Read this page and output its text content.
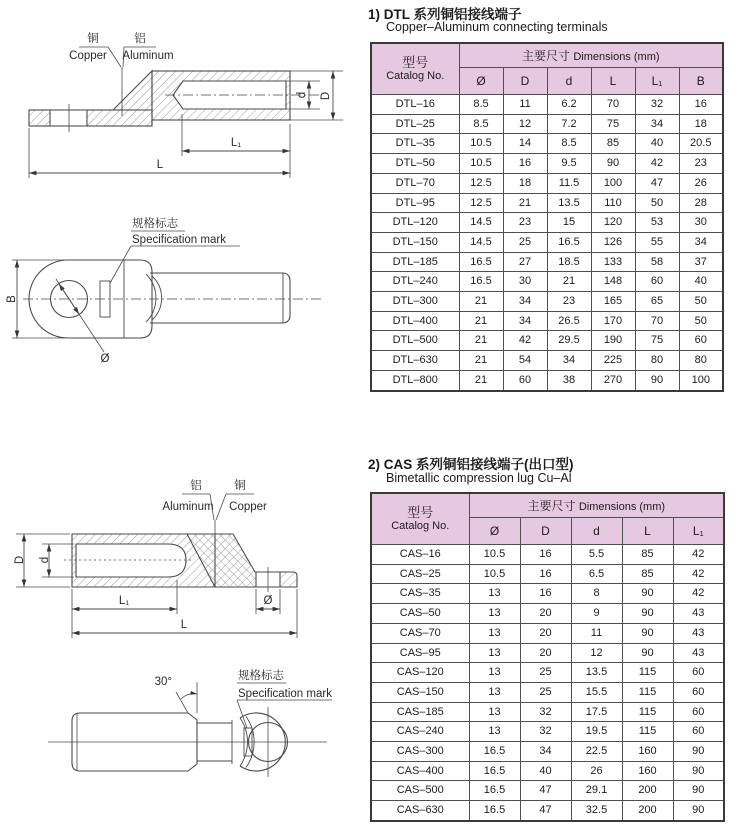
铜
Copper
铝
Aluminum
d D
L₁
L
规格标志
Specification mark
B
Ø
铝
Aluminum
铜
Copper
D d
L₁	Ø
L
30°	规格标志
Specification mark
1) DTL 系列铜铝接线端子
Copper–Aluminum connecting terminals
型号
Catalog No.	主要尺寸 Dimensions (mm)					
	Ø	D	d	L	L₁	B
DTL–16	8.5	11	6.2	70	32	16
DTL–25	8.5	12	7.2	75	34	18
DTL–35	10.5	14	8.5	85	40	20.5
DTL–50	10.5	16	9.5	90	42	23
DTL–70	12.5	18	11.5	100	47	26
DTL–95	12.5	21	13.5	110	50	28
DTL–120	14.5	23	15	120	53	30
DTL–150	14.5	25	16.5	126	55	34
DTL–185	16.5	27	18.5	133	58	37
DTL–240	16.5	30	21	148	60	40
DTL–300	21	34	23	165	65	50
DTL–400	21	34	26.5	170	70	50
DTL–500	21	42	29.5	190	75	60
DTL–630	21	54	34	225	80	80
DTL–800	21	60	38	270	90	100
2) CAS 系列铜铝接线端子(出口型)
Bimetallic compression lug Cu–Al
型号
Catalog No.	主要尺寸 Dimensions (mm)				
	Ø	D	d	L	L₁
CAS–16	10.5	16	5.5	85	42
CAS–25	10.5	16	6.5	85	42
CAS–35	13	16	8	90	42
CAS–50	13	20	9	90	43
CAS–70	13	20	11	90	43
CAS–95	13	20	12	90	43
CAS–120	13	25	13.5	115	60
CAS–150	13	25	15.5	115	60
CAS–185	13	32	17.5	115	60
CAS–240	13	32	19.5	115	60
CAS–300	16.5	34	22.5	160	90
CAS–400	16.5	40	26	160	90
CAS–500	16.5	47	29.1	200	90
CAS–630	16.5	47	32.5	200	90
